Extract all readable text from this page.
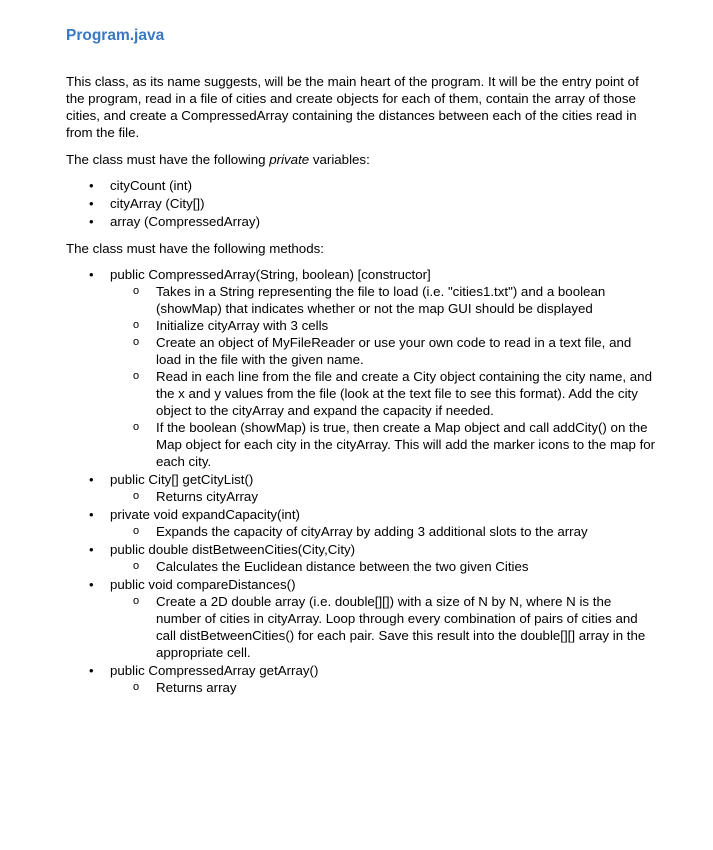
Program.java

This class, as its name suggests, will be the main heart of the program. It will be the entry point of the program, read in a file of cities and create objects for each of them, contain the array of those cities, and create a CompressedArray containing the distances between each of the cities read in from the file.

The class must have the following private variables:

• cityCount (int)
• cityArray (City[])
• array (CompressedArray)

The class must have the following methods:

• public CompressedArray(String, boolean) [constructor]
o Takes in a String representing the file to load (i.e. "cities1.txt") and a boolean (showMap) that indicates whether or not the map GUI should be displayed
o Initialize cityArray with 3 cells
o Create an object of MyFileReader or use your own code to read in a text file, and load in the file with the given name.
o Read in each line from the file and create a City object containing the city name, and the x and y values from the file (look at the text file to see this format). Add the city object to the cityArray and expand the capacity if needed.
o If the boolean (showMap) is true, then create a Map object and call addCity() on the Map object for each city in the cityArray. This will add the marker icons to the map for each city.
• public City[] getCityList()
o Returns cityArray
• private void expandCapacity(int)
o Expands the capacity of cityArray by adding 3 additional slots to the array
• public double distBetweenCities(City,City)
o Calculates the Euclidean distance between the two given Cities
• public void compareDistances()
o Create a 2D double array (i.e. double[][]) with a size of N by N, where N is the number of cities in cityArray. Loop through every combination of pairs of cities and call distBetweenCities() for each pair. Save this result into the double[][] array in the appropriate cell.
• public CompressedArray getArray()
o Returns array
